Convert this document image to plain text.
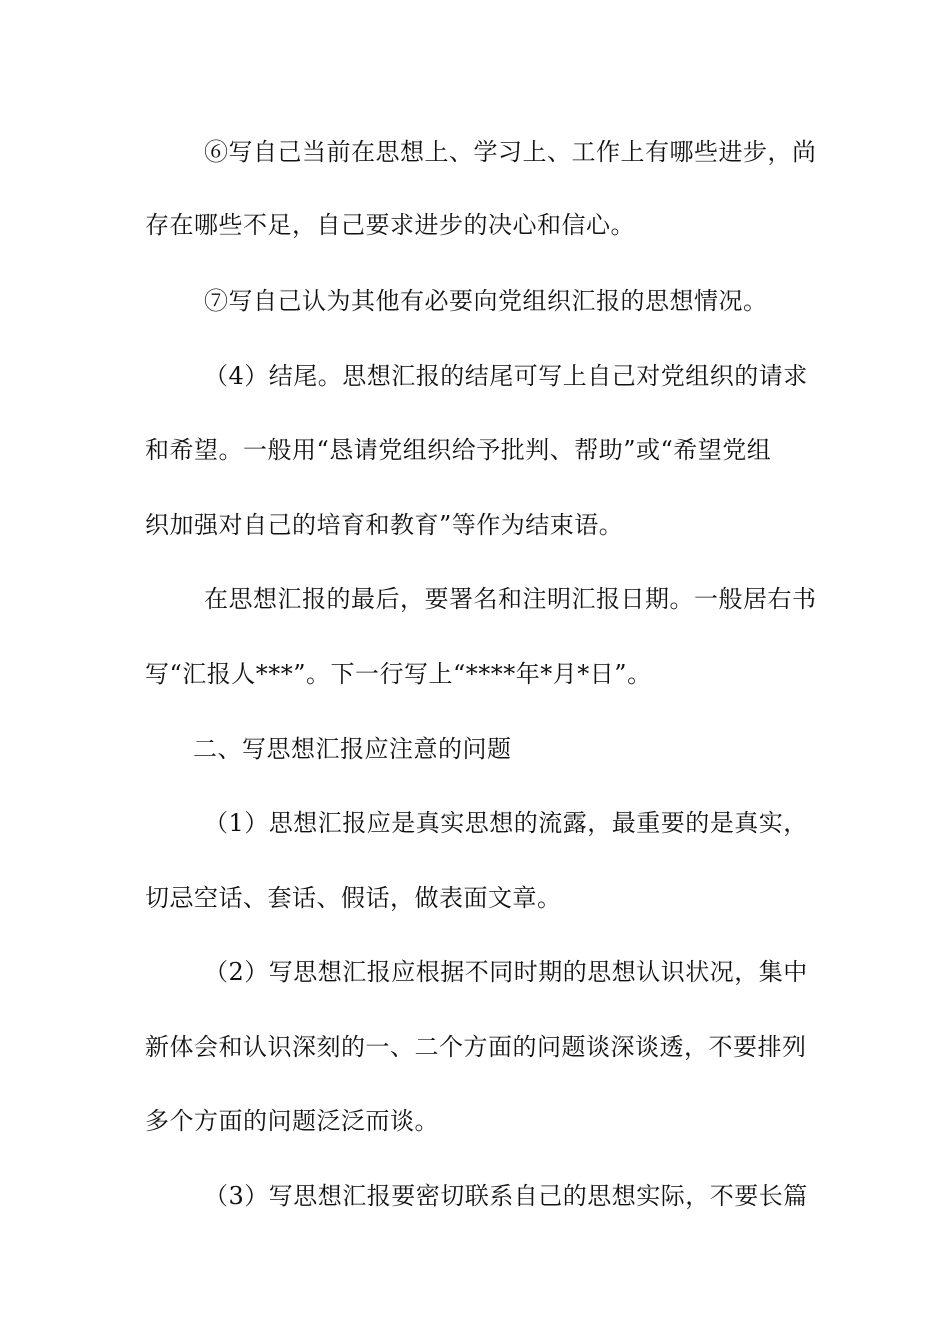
⑥写自己当前在思想上、学习上、工作上有哪些进步，尚
存在哪些不足，自己要求进步的决心和信心。
⑦写自己认为其他有必要向党组织汇报的思想情况。
（4）结尾。思想汇报的结尾可写上自己对党组织的请求
和希望。一般用“恳请党组织给予批判、帮助”或“希望党组
织加强对自己的培育和教育”等作为结束语。
在思想汇报的最后，要署名和注明汇报日期。一般居右书
写“汇报人***”。下一行写上“****年*月*日”。
二、写思想汇报应注意的问题
（1）思想汇报应是真实思想的流露，最重要的是真实，
切忌空话、套话、假话，做表面文章。
（2）写思想汇报应根据不同时期的思想认识状况，集中
新体会和认识深刻的一、二个方面的问题谈深谈透，不要排列
多个方面的问题泛泛而谈。
（3）写思想汇报要密切联系自己的思想实际，不要长篇
